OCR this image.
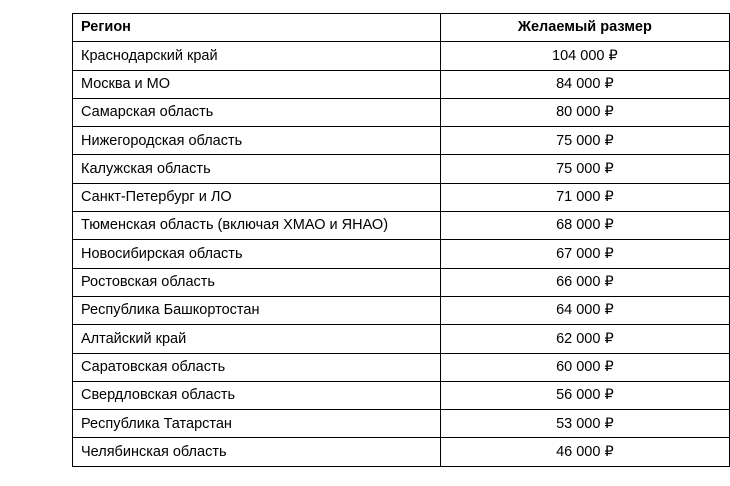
Регион	Желаемый размер
Краснодарский край	104 000 ₽
Москва и МО	84 000 ₽
Самарская область	80 000 ₽
Нижегородская область	75 000 ₽
Калужская область	75 000 ₽
Санкт-Петербург и ЛО	71 000 ₽
Тюменская область (включая ХМАО и ЯНАО)	68 000 ₽
Новосибирская область	67 000 ₽
Ростовская область	66 000 ₽
Республика Башкортостан	64 000 ₽
Алтайский край	62 000 ₽
Саратовская область	60 000 ₽
Свердловская область	56 000 ₽
Республика Татарстан	53 000 ₽
Челябинская область	46 000 ₽
